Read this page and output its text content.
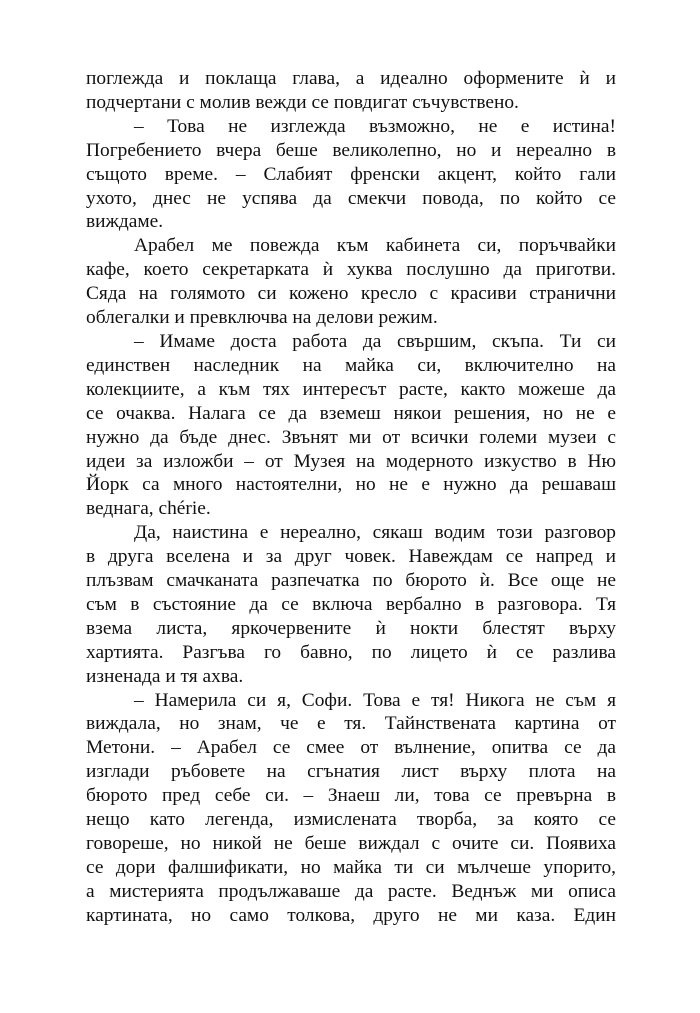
поглежда и поклаща глава, а идеално оформените ѝ и
подчертани с молив вежди се повдигат съчувствено.
– Това не изглежда възможно, не е истина!
Погребението вчера беше великолепно, но и нереално в
същото време. – Слабият френски акцент, който гали
ухото, днес не успява да смекчи повода, по който се
виждаме.
Арабел ме повежда към кабинета си, поръчвайки
кафе, което секретарката ѝ хуква послушно да приготви.
Сяда на голямото си кожено кресло с красиви странични
облегалки и превключва на делови режим.
– Имаме доста работа да свършим, скъпа. Ти си
единствен наследник на майка си, включително на
колекциите, а към тях интересът расте, както можеше да
се очаква. Налага се да вземеш някои решения, но не е
нужно да бъде днес. Звънят ми от всички големи музеи с
идеи за изложби – от Музея на модерното изкуство в Ню
Йорк са много настоятелни, но не е нужно да решаваш
веднага, chérie.
Да, наистина е нереално, сякаш водим този разговор
в друга вселена и за друг човек. Навеждам се напред и
плъзвам смачканата разпечатка по бюрото ѝ. Все още не
съм в състояние да се включа вербално в разговора. Тя
взема листа, яркочервените ѝ нокти блестят върху
хартията. Разгъва го бавно, по лицето ѝ се разлива
изненада и тя ахва.
– Намерила си я, Софи. Това е тя! Никога не съм я
виждала, но знам, че е тя. Тайнствената картина от
Метони. – Арабел се смее от вълнение, опитва се да
изглади ръбовете на сгънатия лист върху плота на
бюрото пред себе си. – Знаеш ли, това се превърна в
нещо като легенда, измислената творба, за която се
говореше, но никой не беше виждал с очите си. Появиха
се дори фалшификати, но майка ти си мълчеше упорито,
а мистерията продължаваше да расте. Веднъж ми описа
картината, но само толкова, друго не ми каза. Един
